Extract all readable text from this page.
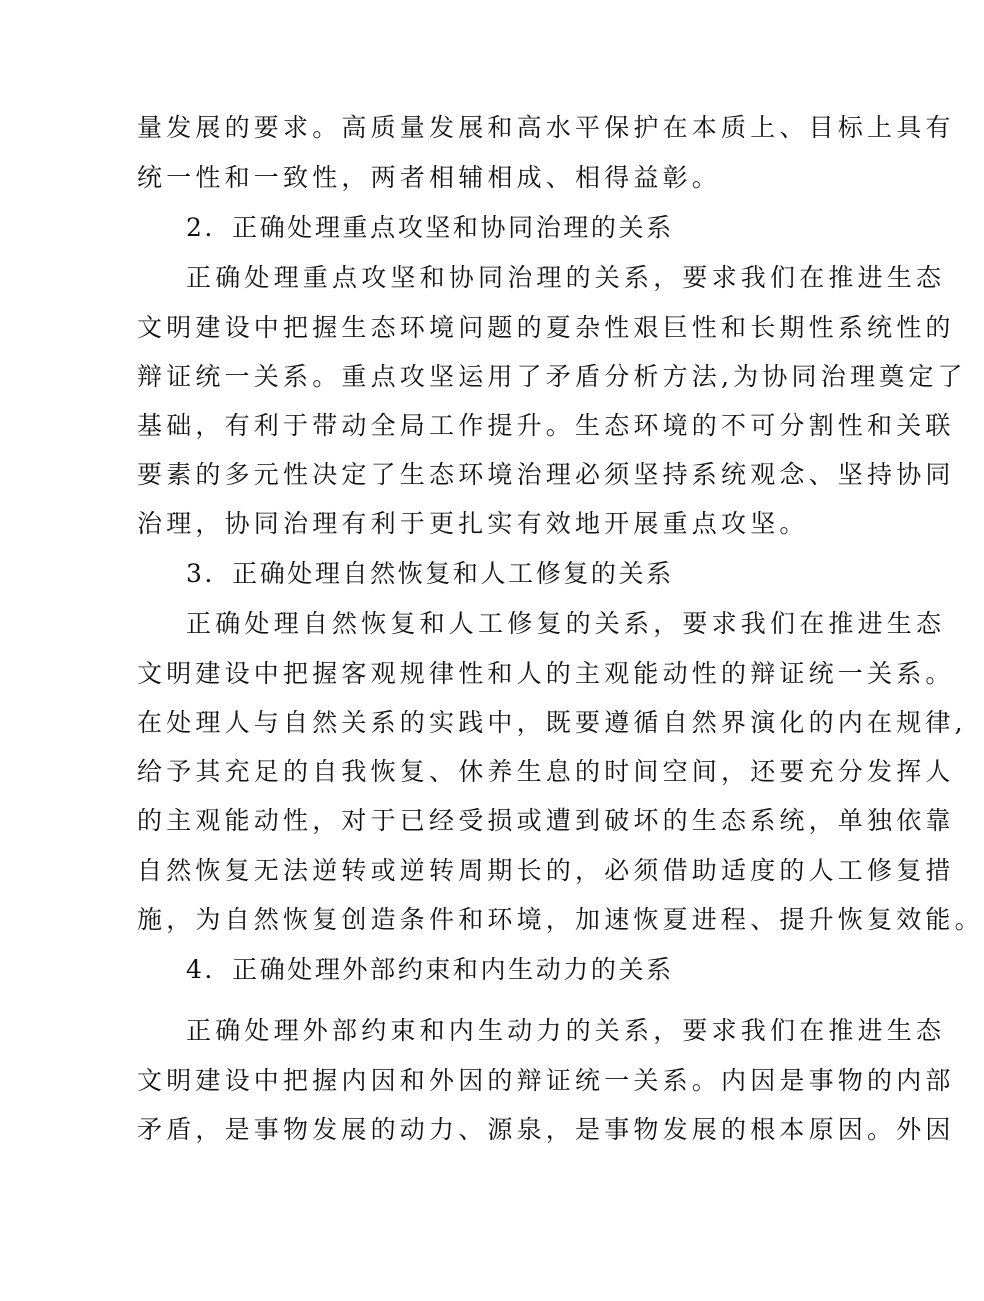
量发展的要求。高质量发展和高水平保护在本质上、目标上具有
统一性和一致性，两者相辅相成、相得益彰。
2．正确处理重点攻坚和协同治理的关系
正确处理重点攻坚和协同治理的关系，要求我们在推进生态
文明建设中把握生态环境问题的夏杂性艰巨性和长期性系统性的
辩证统一关系。重点攻坚运用了矛盾分析方法,为协同治理奠定了
基础，有利于带动全局工作提升。生态环境的不可分割性和关联
要素的多元性决定了生态环境治理必须坚持系统观念、坚持协同
治理，协同治理有利于更扎实有效地开展重点攻坚。
3．正确处理自然恢复和人工修复的关系
正确处理自然恢复和人工修复的关系，要求我们在推进生态
文明建设中把握客观规律性和人的主观能动性的辩证统一关系。
在处理人与自然关系的实践中，既要遵循自然界演化的内在规律,
给予其充足的自我恢复、休养生息的时间空间，还要充分发挥人
的主观能动性，对于已经受损或遭到破坏的生态系统，单独依靠
自然恢复无法逆转或逆转周期长的，必须借助适度的人工修复措
施，为自然恢复创造条件和环境，加速恢夏进程、提升恢复效能。
4．正确处理外部约束和内生动力的关系
正确处理外部约束和内生动力的关系，要求我们在推进生态
文明建设中把握内因和外因的辩证统一关系。内因是事物的内部
矛盾，是事物发展的动力、源泉，是事物发展的根本原因。外因
